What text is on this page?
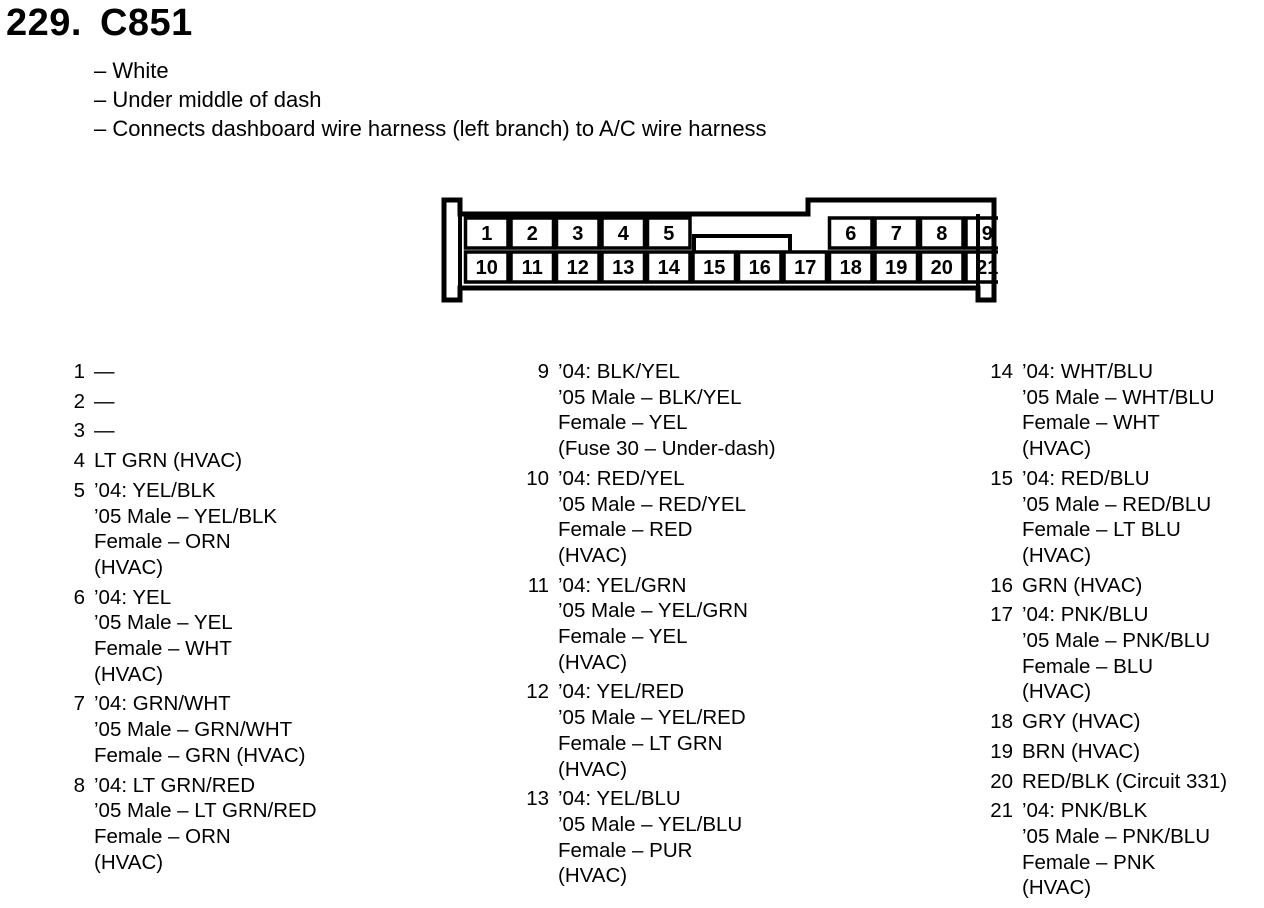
229. C851
– White
– Under middle of dash
– Connects dashboard wire harness (left branch) to A/C wire harness
1 2 3 4 5	6 7 8 9
10 11 12 13 14 15 16 17 18 19 20 21
1 —
2 —
3 —
4 LT GRN (HVAC)
5 ’04: YEL/BLK
’05 Male – YEL/BLK
Female – ORN
(HVAC)
6 ’04: YEL
’05 Male – YEL
Female – WHT
(HVAC)
7 ’04: GRN/WHT
’05 Male – GRN/WHT
Female – GRN (HVAC)
8 ’04: LT GRN/RED
’05 Male – LT GRN/RED
Female – ORN
(HVAC)
9 ’04: BLK/YEL
’05 Male – BLK/YEL
Female – YEL
(Fuse 30 – Under-dash)
10 ’04: RED/YEL
’05 Male – RED/YEL
Female – RED
(HVAC)
11 ’04: YEL/GRN
’05 Male – YEL/GRN
Female – YEL
(HVAC)
12 ’04: YEL/RED
’05 Male – YEL/RED
Female – LT GRN
(HVAC)
13 ’04: YEL/BLU
’05 Male – YEL/BLU
Female – PUR
(HVAC)
14 ’04: WHT/BLU
’05 Male – WHT/BLU
Female – WHT
(HVAC)
15 ’04: RED/BLU
’05 Male – RED/BLU
Female – LT BLU
(HVAC)
16 GRN (HVAC)
17 ’04: PNK/BLU
’05 Male – PNK/BLU
Female – BLU
(HVAC)
18 GRY (HVAC)
19 BRN (HVAC)
20 RED/BLK (Circuit 331)
21 ’04: PNK/BLK
’05 Male – PNK/BLU
Female – PNK
(HVAC)
